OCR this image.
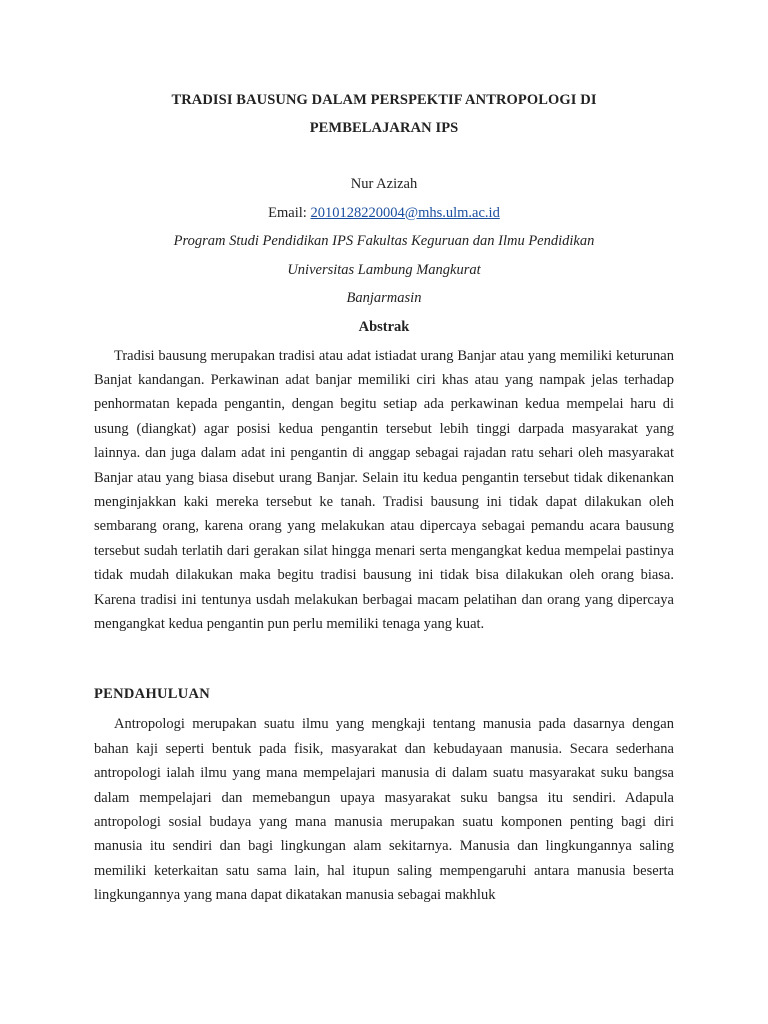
TRADISI BAUSUNG DALAM PERSPEKTIF ANTROPOLOGI DI
PEMBELAJARAN IPS
Nur Azizah
Email: 2010128220004@mhs.ulm.ac.id
Program Studi Pendidikan IPS Fakultas Keguruan dan Ilmu Pendidikan
Universitas Lambung Mangkurat
Banjarmasin
Abstrak

Tradisi bausung merupakan tradisi atau adat istiadat urang Banjar atau yang memiliki keturunan Banjat kandangan. Perkawinan adat banjar memiliki ciri khas atau yang nampak jelas terhadap penhormatan kepada pengantin, dengan begitu setiap ada perkawinan kedua mempelai haru di usung (diangkat) agar posisi kedua pengantin tersebut lebih tinggi darpada masyarakat yang lainnya. dan juga dalam adat ini pengantin di anggap sebagai rajadan ratu sehari oleh masyarakat Banjar atau yang biasa disebut urang Banjar. Selain itu kedua pengantin tersebut tidak dikenankan menginjakkan kaki mereka tersebut ke tanah. Tradisi bausung ini tidak dapat dilakukan oleh sembarang orang, karena orang yang melakukan atau dipercaya sebagai pemandu acara bausung tersebut sudah terlatih dari gerakan silat hingga menari serta mengangkat kedua mempelai pastinya tidak mudah dilakukan maka begitu tradisi bausung ini tidak bisa dilakukan oleh orang biasa. Karena tradisi ini tentunya usdah melakukan berbagai macam pelatihan dan orang yang dipercaya mengangkat kedua pengantin pun perlu memiliki tenaga yang kuat.

PENDAHULUAN

Antropologi merupakan suatu ilmu yang mengkaji tentang manusia pada dasarnya dengan bahan kaji seperti bentuk pada fisik, masyarakat dan kebudayaan manusia. Secara sederhana antropologi ialah ilmu yang mana mempelajari manusia di dalam suatu masyarakat suku bangsa dalam mempelajari dan memebangun upaya masyarakat suku bangsa itu sendiri. Adapula antropologi sosial budaya yang mana manusia merupakan suatu komponen penting bagi diri manusia itu sendiri dan bagi lingkungan alam sekitarnya. Manusia dan lingkungannya saling memiliki keterkaitan satu sama lain, hal itupun saling mempengaruhi antara manusia beserta lingkungannya yang mana dapat dikatakan manusia sebagai makhluk
